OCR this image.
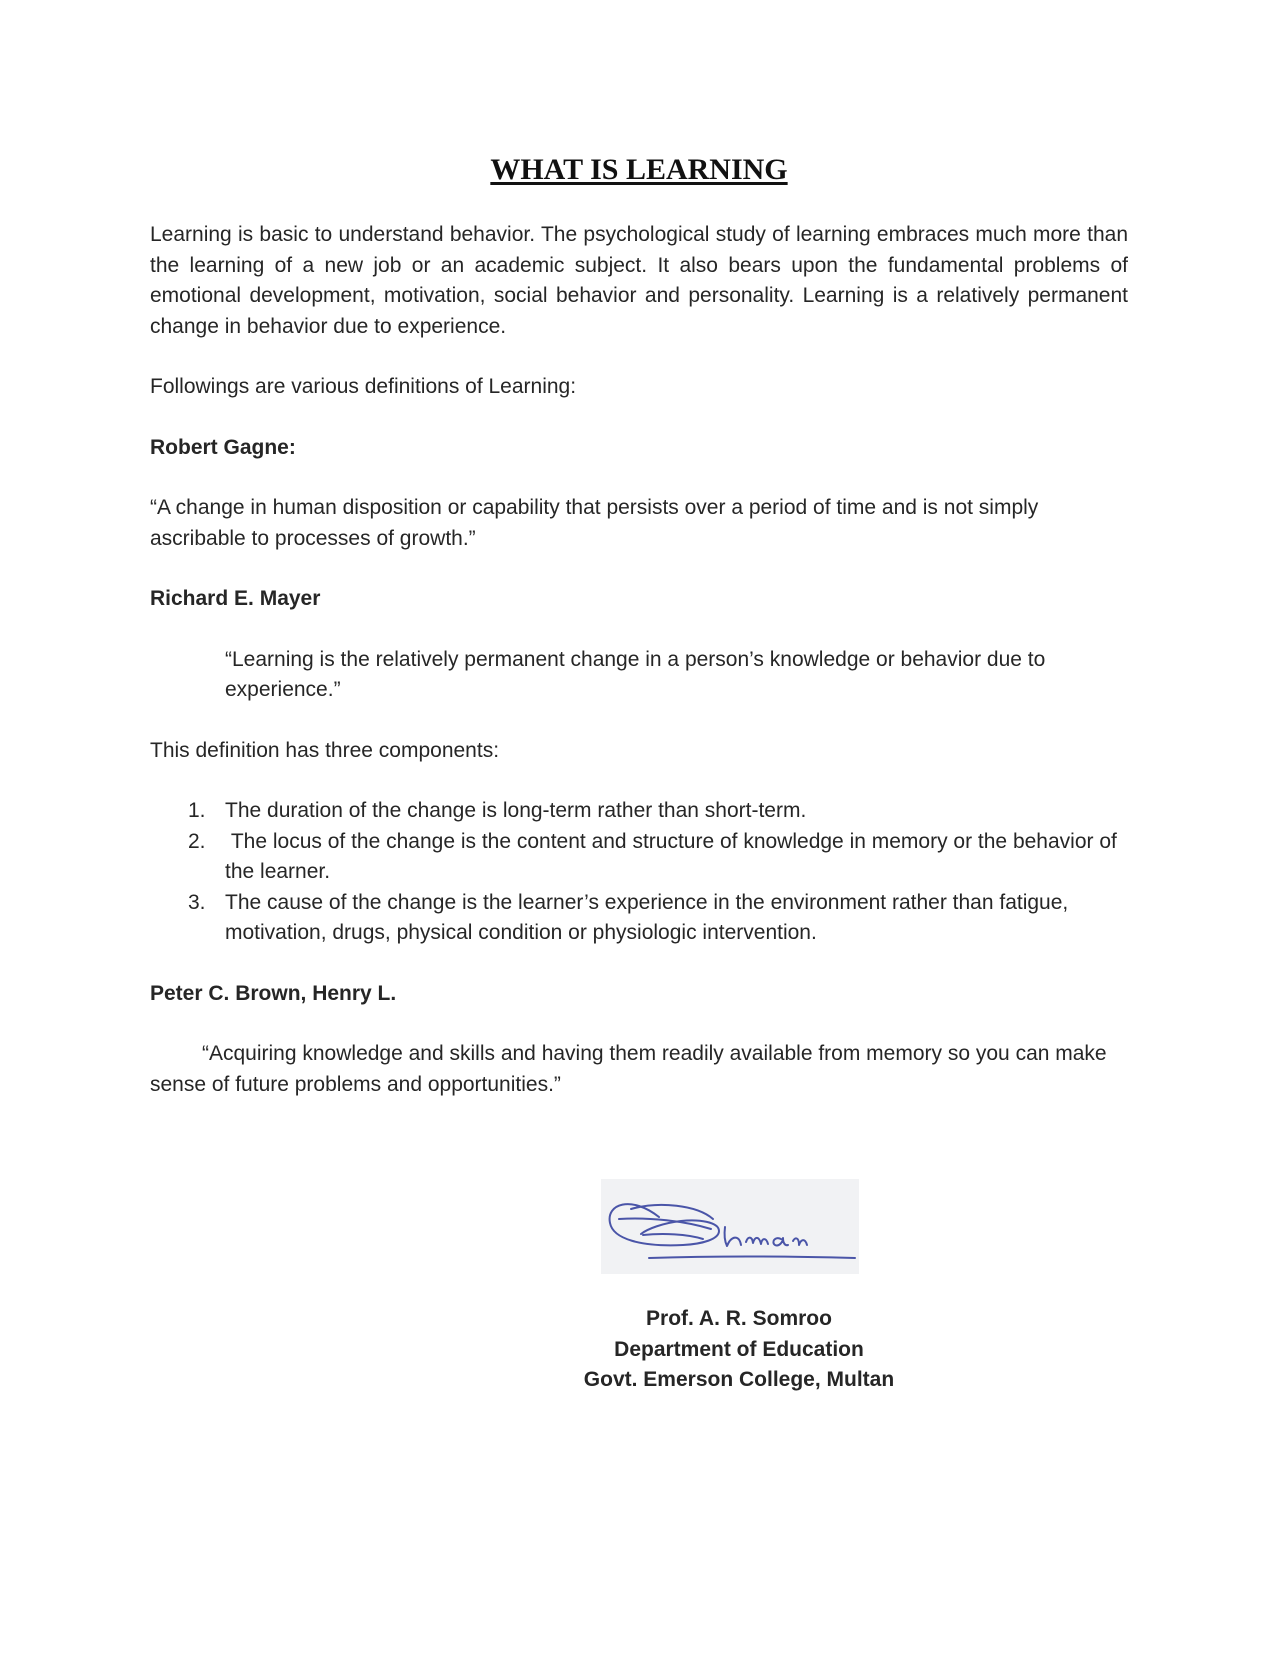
WHAT IS LEARNING

Learning is basic to understand behavior. The psychological study of learning embraces much more than the learning of a new job or an academic subject. It also bears upon the fundamental problems of emotional development, motivation, social behavior and personality. Learning is a relatively permanent change in behavior due to experience.

Followings are various definitions of Learning:

Robert Gagne:

“A change in human disposition or capability that persists over a period of time and is not simply ascribable to processes of growth.”

Richard E. Mayer

“Learning is the relatively permanent change in a person’s knowledge or behavior due to experience.”

This definition has three components:

1. The duration of the change is long-term rather than short-term.
2. The locus of the change is the content and structure of knowledge in memory or the behavior of the learner.
3. The cause of the change is the learner’s experience in the environment rather than fatigue, motivation, drugs, physical condition or physiologic intervention.

Peter C. Brown, Henry L.

“Acquiring knowledge and skills and having them readily available from memory so you can make sense of future problems and opportunities.”

Prof. A. R. Somroo
Department of Education
Govt. Emerson College, Multan
